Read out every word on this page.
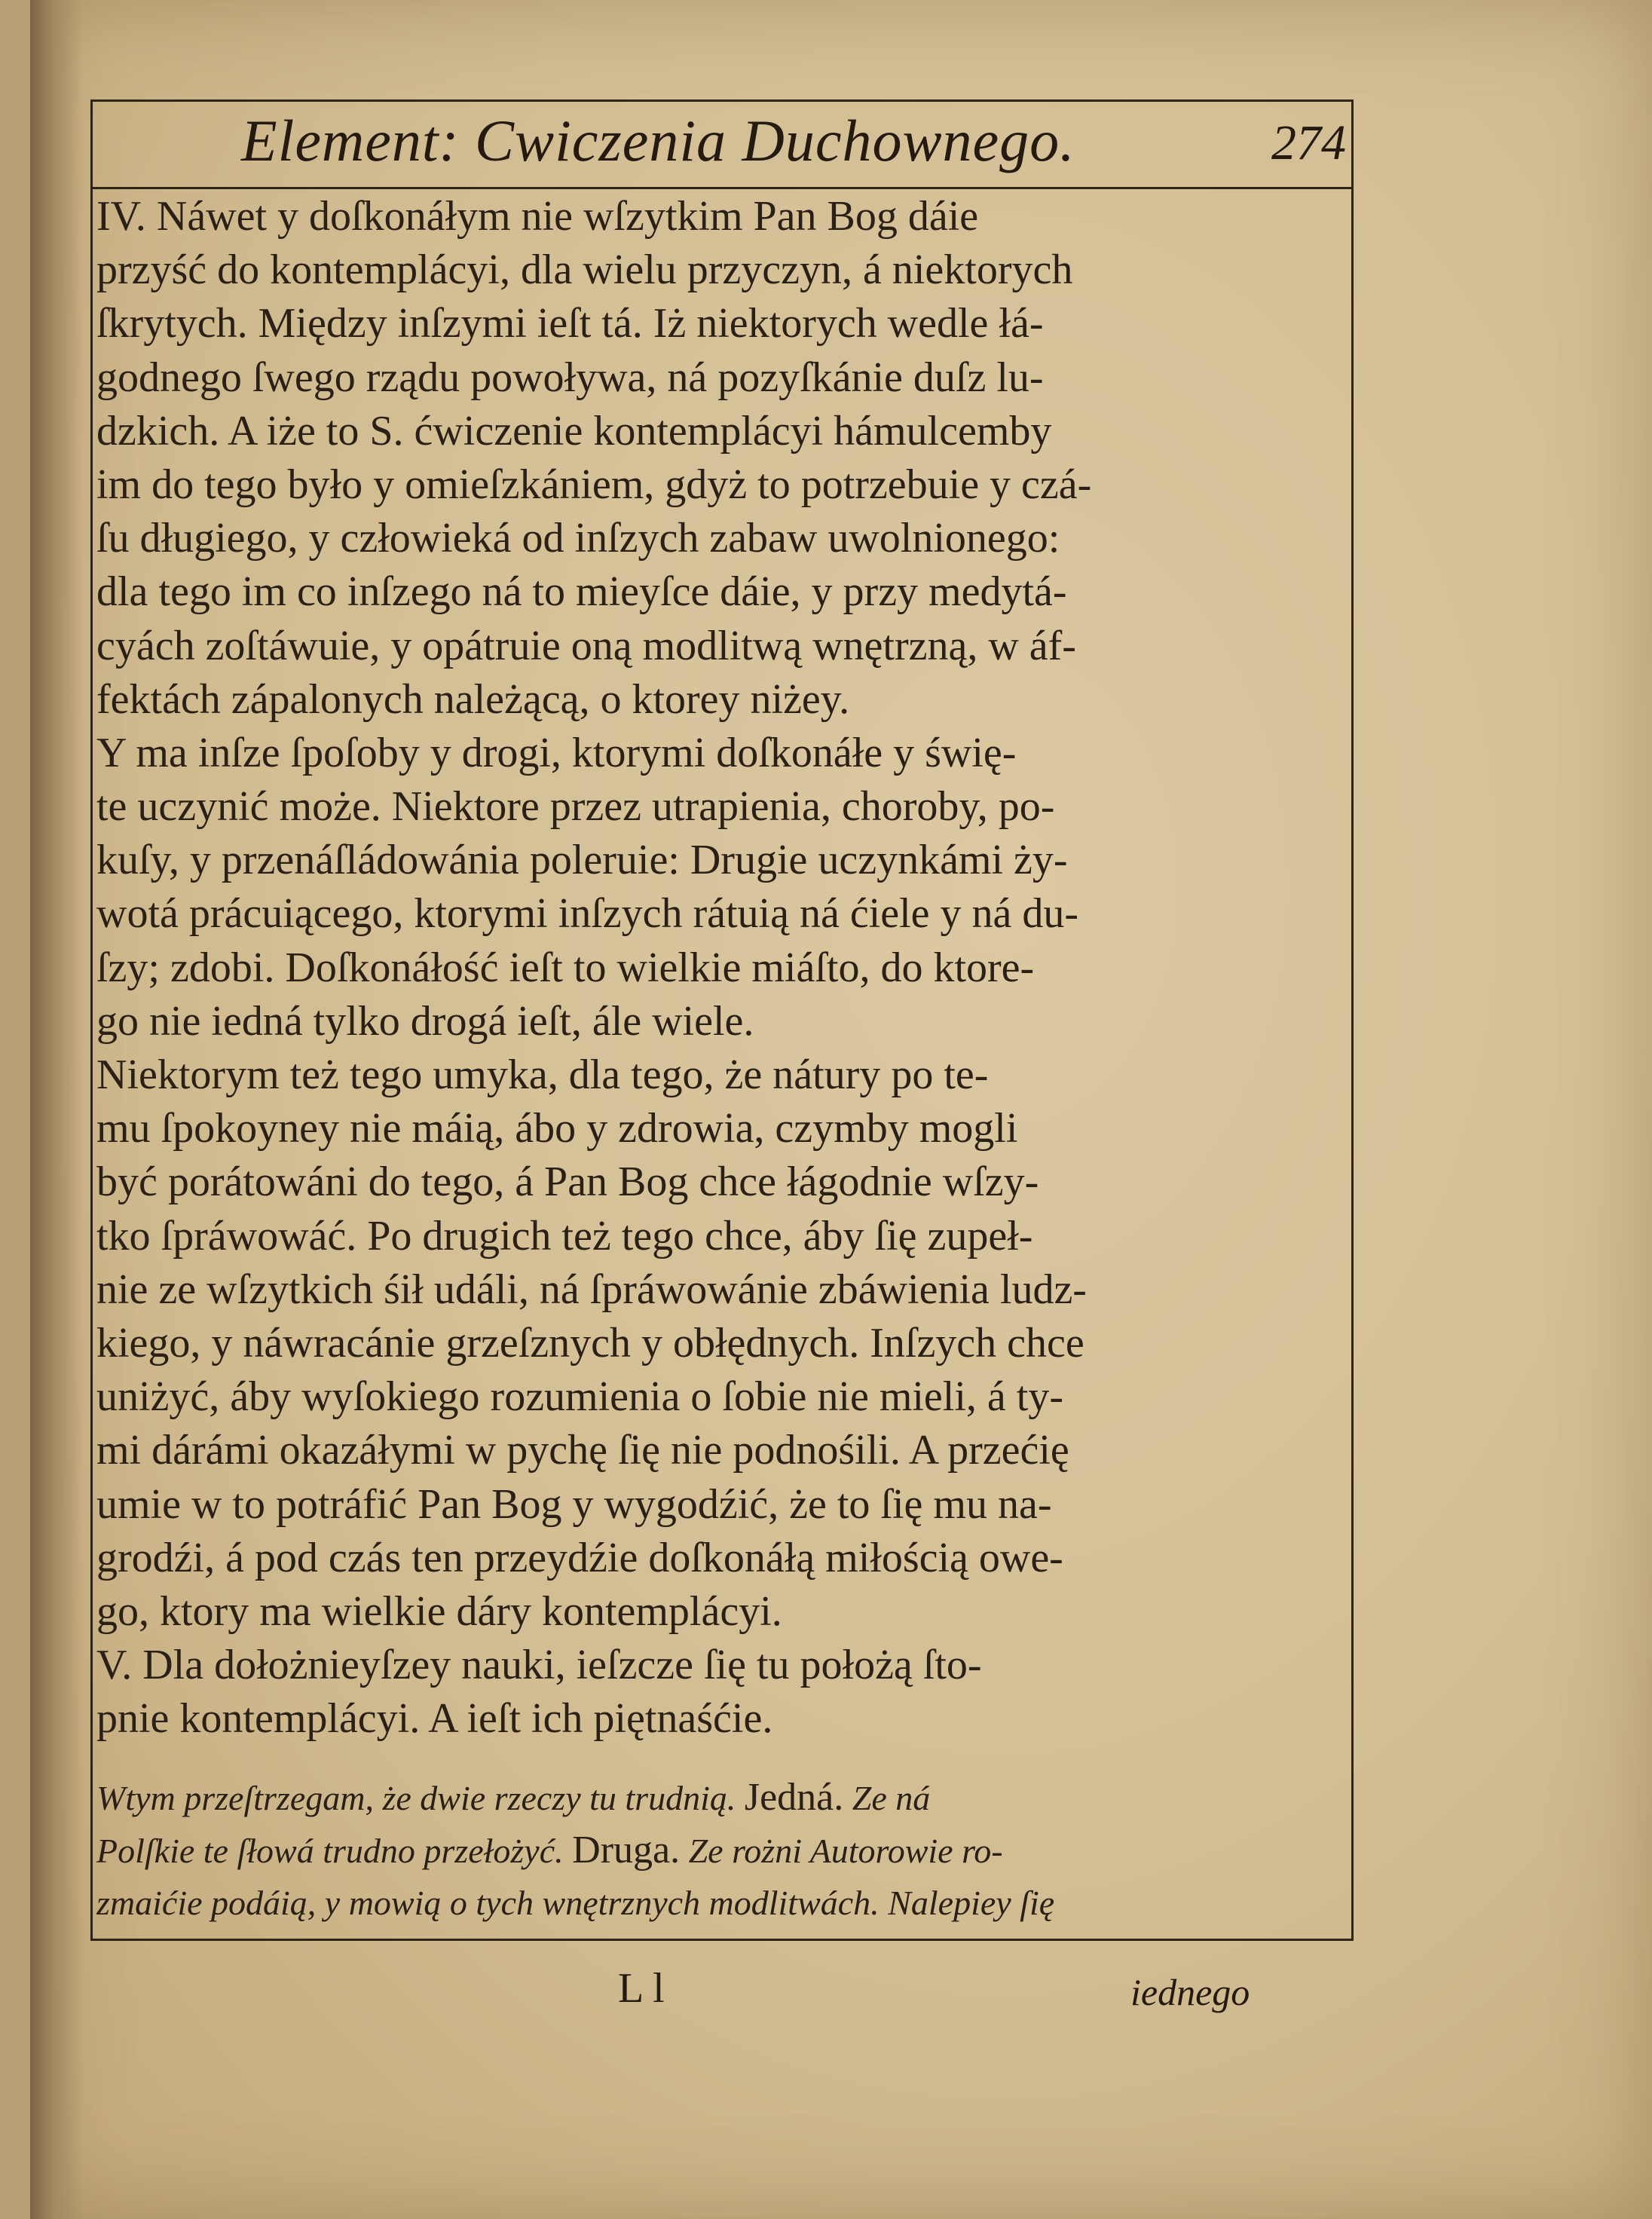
Element: Cwiczenia Duchownego.	274
IV. Náwet y doſkonáłym nie wſzytkim Pan Bog dáie
przyść do kontemplácyi, dla wielu przyczyn, á niektorych
ſkrytych. Między inſzymi ieſt tá. Iż niektorych wedle łá-
godnego ſwego rządu powoływa, ná pozyſkánie duſz lu-
dzkich. A iże to S. ćwiczenie kontemplácyi hámulcemby
im do tego było y omieſzkániem, gdyż to potrzebuie y czá-
ſu długiego, y człowieká od inſzych zabaw uwolnionego:
dla tego im co inſzego ná to mieyſce dáie, y przy medytá-
cyách zoſtáwuie, y opátruie oną modlitwą wnętrzną, w áf-
fektách zápalonych należącą, o ktorey niżey.
Y ma inſze ſpoſoby y drogi, ktorymi doſkonáłe y świę-
te uczynić może. Niektore przez utrapienia, choroby, po-
kuſy, y przenáſládowánia poleruie: Drugie uczynkámi ży-
wotá prácuiącego, ktorymi inſzych rátuią ná ćiele y ná du-
ſzy; zdobi. Doſkonáłość ieſt to wielkie miáſto, do ktore-
go nie iedná tylko drogá ieſt, ále wiele.
Niektorym też tego umyka, dla tego, że nátury po te-
mu ſpokoyney nie máią, ábo y zdrowia, czymby mogli
być porátowáni do tego, á Pan Bog chce łágodnie wſzy-
tko ſpráwowáć. Po drugich też tego chce, áby ſię zupeł-
nie ze wſzytkich śił událi, ná ſpráwowánie zbáwienia ludz-
kiego, y náwracánie grzeſznych y obłędnych. Inſzych chce
uniżyć, áby wyſokiego rozumienia o ſobie nie mieli, á ty-
mi dárámi okazáłymi w pychę ſię nie podnośili. A przećię
umie w to potráfić Pan Bog y wygodźić, że to ſię mu na-
grodźi, á pod czás ten przeydźie doſkonáłą miłością owe-
go, ktory ma wielkie dáry kontemplácyi.
V. Dla dołożnieyſzey nauki, ieſzcze ſię tu położą ſto-
pnie kontemplácyi. A ieſt ich piętnaśćie.
Wtym przeſtrzegam, że dwie rzeczy tu trudnią. Jedná. Ze ná
Polſkie te ſłowá trudno przełożyć. Druga. Ze rożni Autorowie ro-
zmaićie podáią, y mowią o tych wnętrznych modlitwách. Nalepiey ſię
L l	iednego
